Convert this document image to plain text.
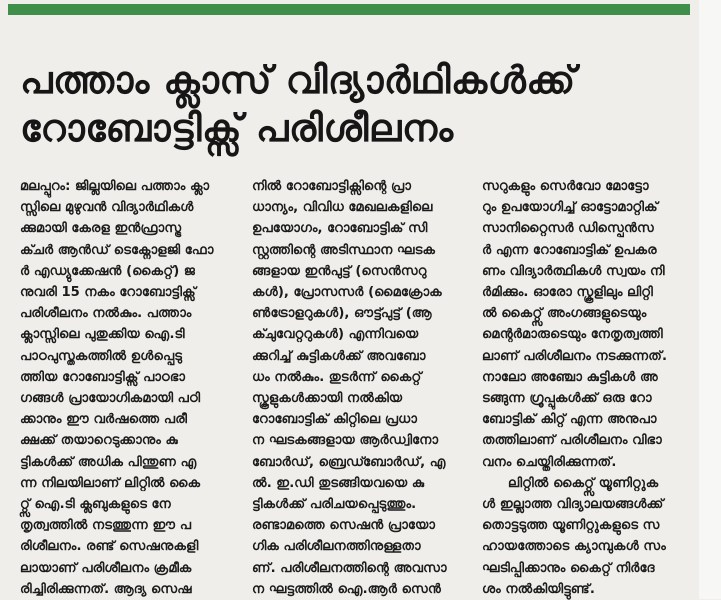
പത്താം ക്ലാസ് വിദ്യാർഥികൾക്ക്
റോബോട്ടിക്സ് പരിശീലനം
മലപ്പുറം: ജില്ലയിലെ പത്താം ക്ലാ
സ്സിലെ മുഴുവൻ വിദ്യാർഥികൾ
ക്കുമായി കേരള ഇൻഫ്രാസ്ട്ര
ക്ചർ ആൻഡ് ടെക്നോളജി ഫോ
ർ എഡ്യുക്കേഷൻ (കൈറ്റ്) ജ
നുവരി 15 നകം റോബോട്ടിക്സ്
പരിശീലനം നൽകും. പത്താം
ക്ലാസ്സിലെ പുതുക്കിയ ഐ.ടി
പാഠപുസ്തകത്തിൽ ഉൾപ്പെടു
ത്തിയ റോബോട്ടിക്സ് പാഠഭാ
ഗങ്ങൾ പ്രായോഗികമായി പഠി
ക്കാനും ഈ വർഷത്തെ പരീ
ക്ഷക്ക് തയാറെടുക്കാനും കു
ട്ടികൾക്ക് അധിക പിന്തുണ എ
ന്ന നിലയിലാണ് ലിറ്റിൽ കൈ
റ്റ്സ് ഐ.ടി ക്ലബുകളുടെ നേ
തൃത്വത്തിൽ നടത്തുന്ന ഈ പ
രിശീലനം. രണ്ട് സെഷനുകളി
ലായാണ് പരിശീലനം ക്രമീക
രിച്ചിരിക്കുന്നത്. ആദ്യ സെഷ
നിൽ റോബോട്ടിക്സിന്റെ പ്രാ
ധാന്യം, വിവിധ മേഖലകളിലെ
ഉപയോഗം, റോബോട്ടിക് സി
സ്റ്റത്തിന്റെ അടിസ്ഥാന ഘടക
ങ്ങളായ ഇൻപുട്ട് (സെൻസറു
കൾ), പ്രോസസർ (മൈക്രോക
ൺട്രോളറുകൾ), ഔട്ട്പുട്ട് (ആ
ക്ചുവേറ്ററുകൾ) എന്നിവയെ
ക്കുറിച്ച് കുട്ടികൾക്ക് അവബോ
ധം നൽകും. തുടർന്ന് കൈറ്റ്
സ്കൂളുകൾക്കായി നൽകിയ
റോബോട്ടിക് കിറ്റിലെ പ്രധാ
ന ഘടകങ്ങളായ ആർഡ്വിനോ
ബോർഡ്, ബ്രെഡ്ബോർഡ്, എ
ൽ. ഇ.ഡി തുടങ്ങിയവയെ കു
ട്ടികൾക്ക് പരിചയപ്പെടുത്തും.
രണ്ടാമത്തെ സെഷൻ പ്രായോ
ഗിക പരിശീലനത്തിനുള്ളതാ
ണ്. പരിശീലനത്തിന്റെ അവസാ
ന ഘട്ടത്തിൽ ഐ.ആർ സെൻ
സറുകളും സെർവോ മോട്ടോ
റും ഉപയോഗിച്ച് ഓട്ടോമാറ്റിക്
സാനിറ്റൈസർ ഡിസ്പെൻസ
ർ എന്ന റോബോട്ടിക് ഉപകര
ണം വിദ്യാർത്ഥികൾ സ്വയം നി
ർമിക്കും. ഓരോ സ്കൂളിലും ലിറ്റി
ൽ കൈറ്റ്സ് അംഗങ്ങളുടെയും
മെന്റർമാരുടെയും നേതൃത്വത്തി
ലാണ് പരിശീലനം നടക്കുന്നത്.
നാലോ അഞ്ചോ കുട്ടികൾ അ
ടങ്ങുന്ന ഗ്രൂപ്പുകൾക്ക് ഒരു റോ
ബോട്ടിക് കിറ്റ് എന്ന അനുപാ
തത്തിലാണ് പരിശീലനം വിഭാ
വനം ചെയ്തിരിക്കുന്നത്.
ലിറ്റിൽ കൈറ്റ്സ് യൂണിറ്റുക
ൾ ഇല്ലാത്ത വിദ്യാലയങ്ങൾക്ക്
തൊട്ടടുത്ത യൂണിറ്റുകളുടെ സ
ഹായത്തോടെ ക്യാമ്പുകൾ സം
ഘടിപ്പിക്കാനും കൈറ്റ് നിർദേ
ശം നൽകിയിട്ടുണ്ട്.
